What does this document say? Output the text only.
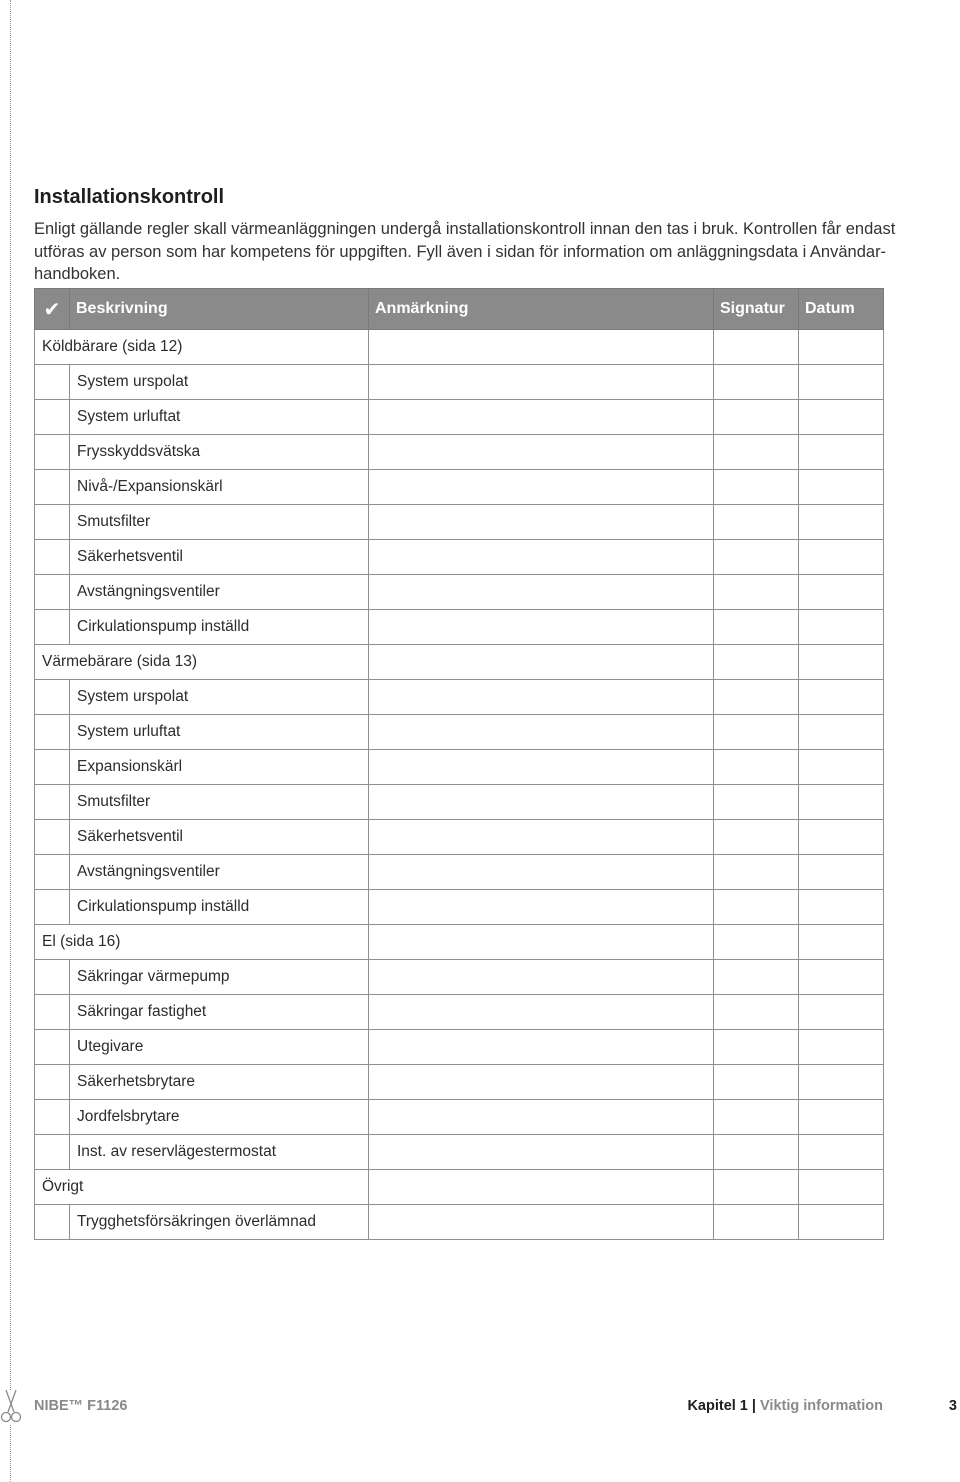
Installationskontroll

Enligt gällande regler skall värmeanläggningen undergå installationskontroll innan den tas i bruk. Kontrollen får endast utföras av person som har kompetens för uppgiften. Fyll även i sidan för information om anläggningsdata i Användar-handboken.

✔	Beskrivning	Anmärkning	Signatur	Datum
Köldbärare (sida 12)				
	System urspolat			
	System urluftat			
	Frysskyddsvätska			
	Nivå-/Expansionskärl			
	Smutsfilter			
	Säkerhetsventil			
	Avstängningsventiler			
	Cirkulationspump inställd			
Värmebärare (sida 13)				
	System urspolat			
	System urluftat			
	Expansionskärl			
	Smutsfilter			
	Säkerhetsventil			
	Avstängningsventiler			
	Cirkulationspump inställd			
El (sida 16)				
	Säkringar värmepump			
	Säkringar fastighet			
	Utegivare			
	Säkerhetsbrytare			
	Jordfelsbrytare			
	Inst. av reservlägestermostat			
Övrigt				
	Trygghetsförsäkringen överlämnad			
NIBE™ F1126	Kapitel 1 | Viktig information	3
